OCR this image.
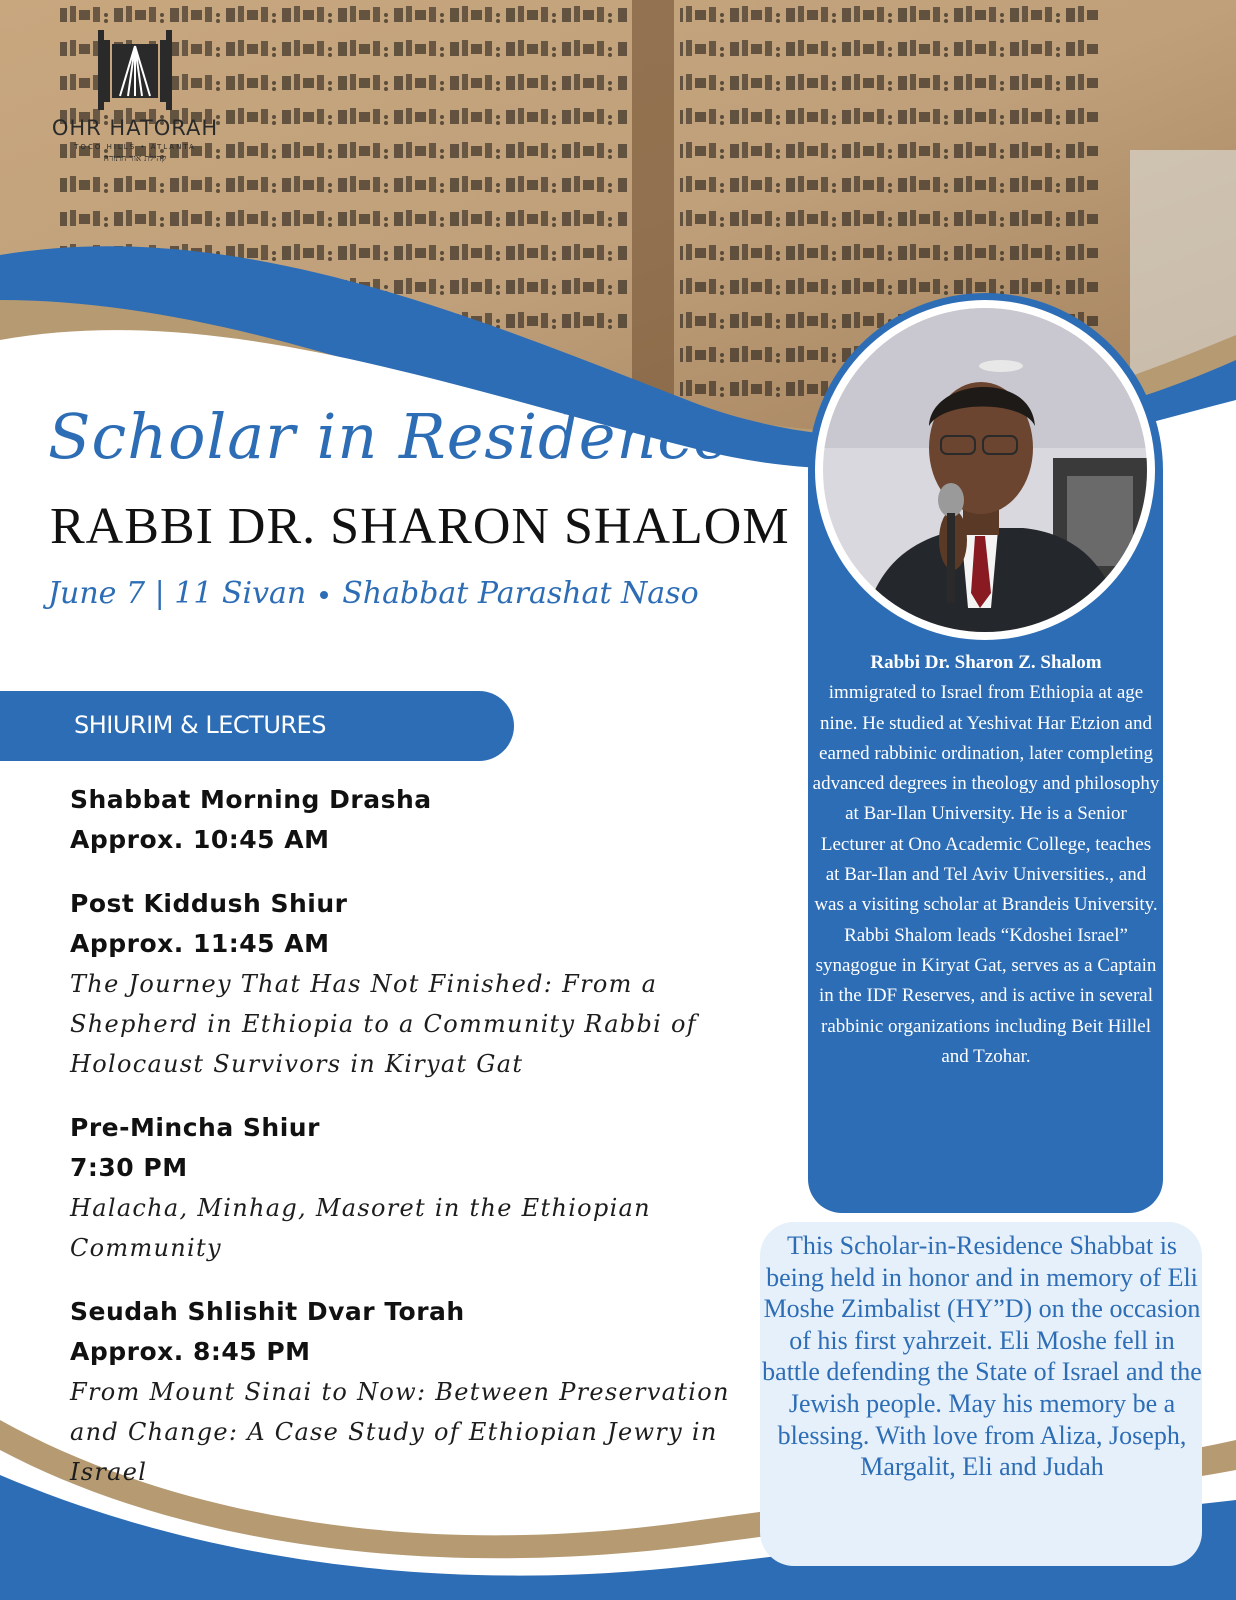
OHR HATORAH
TOCO HILLS • ATLANTA
קהילת אור התורה
Scholar in Residence
RABBI DR. SHARON SHALOM
June 7 | 11 Sivan Shabbat Parashat Naso
SHIURIM & LECTURES
Shabbat Morning Drasha
Approx. 10:45 AM
Post Kiddush Shiur
Approx. 11:45 AM
The Journey That Has Not Finished: From a Shepherd in Ethiopia to a Community Rabbi of Holocaust Survivors in Kiryat Gat
Pre-Mincha Shiur
7:30 PM
Halacha, Minhag, Masoret in the Ethiopian Community
Seudah Shlishit Dvar Torah
Approx. 8:45 PM
From Mount Sinai to Now: Between Preservation and Change: A Case Study of Ethiopian Jewry in Israel
Rabbi Dr. Sharon Z. Shalom
immigrated to Israel from Ethiopia at age nine. He studied at Yeshivat Har Etzion and earned rabbinic ordination, later completing advanced degrees in theology and philosophy at Bar-Ilan University. He is a Senior Lecturer at Ono Academic College, teaches at Bar-Ilan and Tel Aviv Universities., and was a visiting scholar at Brandeis University. Rabbi Shalom leads “Kdoshei Israel” synagogue in Kiryat Gat, serves as a Captain in the IDF Reserves, and is active in several rabbinic organizations including Beit Hillel and Tzohar.
This Scholar-in-Residence Shabbat is being held in honor and in memory of Eli Moshe Zimbalist (HY”D) on the occasion of his first yahrzeit. Eli Moshe fell in battle defending the State of Israel and the Jewish people. May his memory be a blessing. With love from Aliza, Joseph, Margalit, Eli and Judah
